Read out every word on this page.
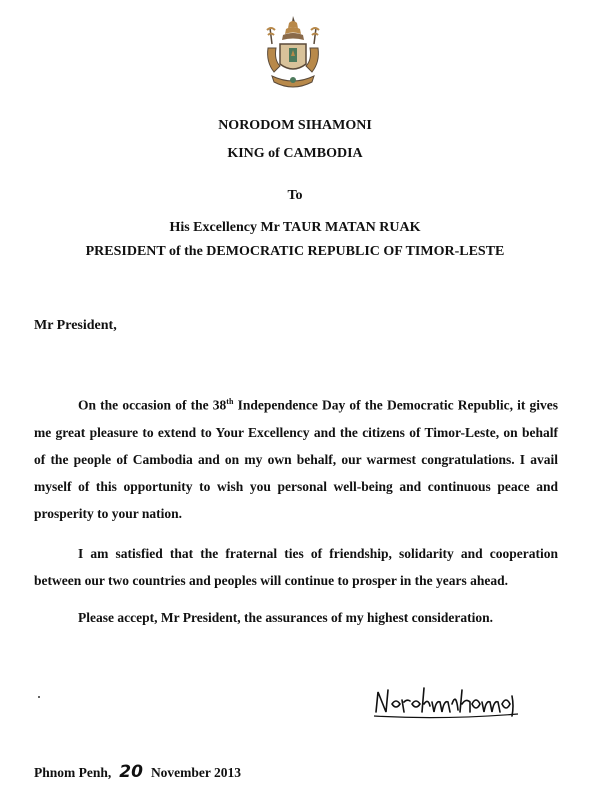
NORODOM SIHAMONI
KING of CAMBODIA
To
His Excellency Mr TAUR MATAN RUAK
PRESIDENT of the DEMOCRATIC REPUBLIC OF TIMOR-LESTE
Mr President,
On the occasion of the 38th Independence Day of the Democratic Republic, it gives me great pleasure to extend to Your Excellency and the citizens of Timor-Leste, on behalf of the people of Cambodia and on my own behalf, our warmest congratulations. I avail myself of this opportunity to wish you personal well-being and continuous peace and prosperity to your nation.
I am satisfied that the fraternal ties of friendship, solidarity and cooperation between our two countries and peoples will continue to prosper in the years ahead.
Please accept, Mr President, the assurances of my highest consideration.
Phnom Penh, 20 November 2013
